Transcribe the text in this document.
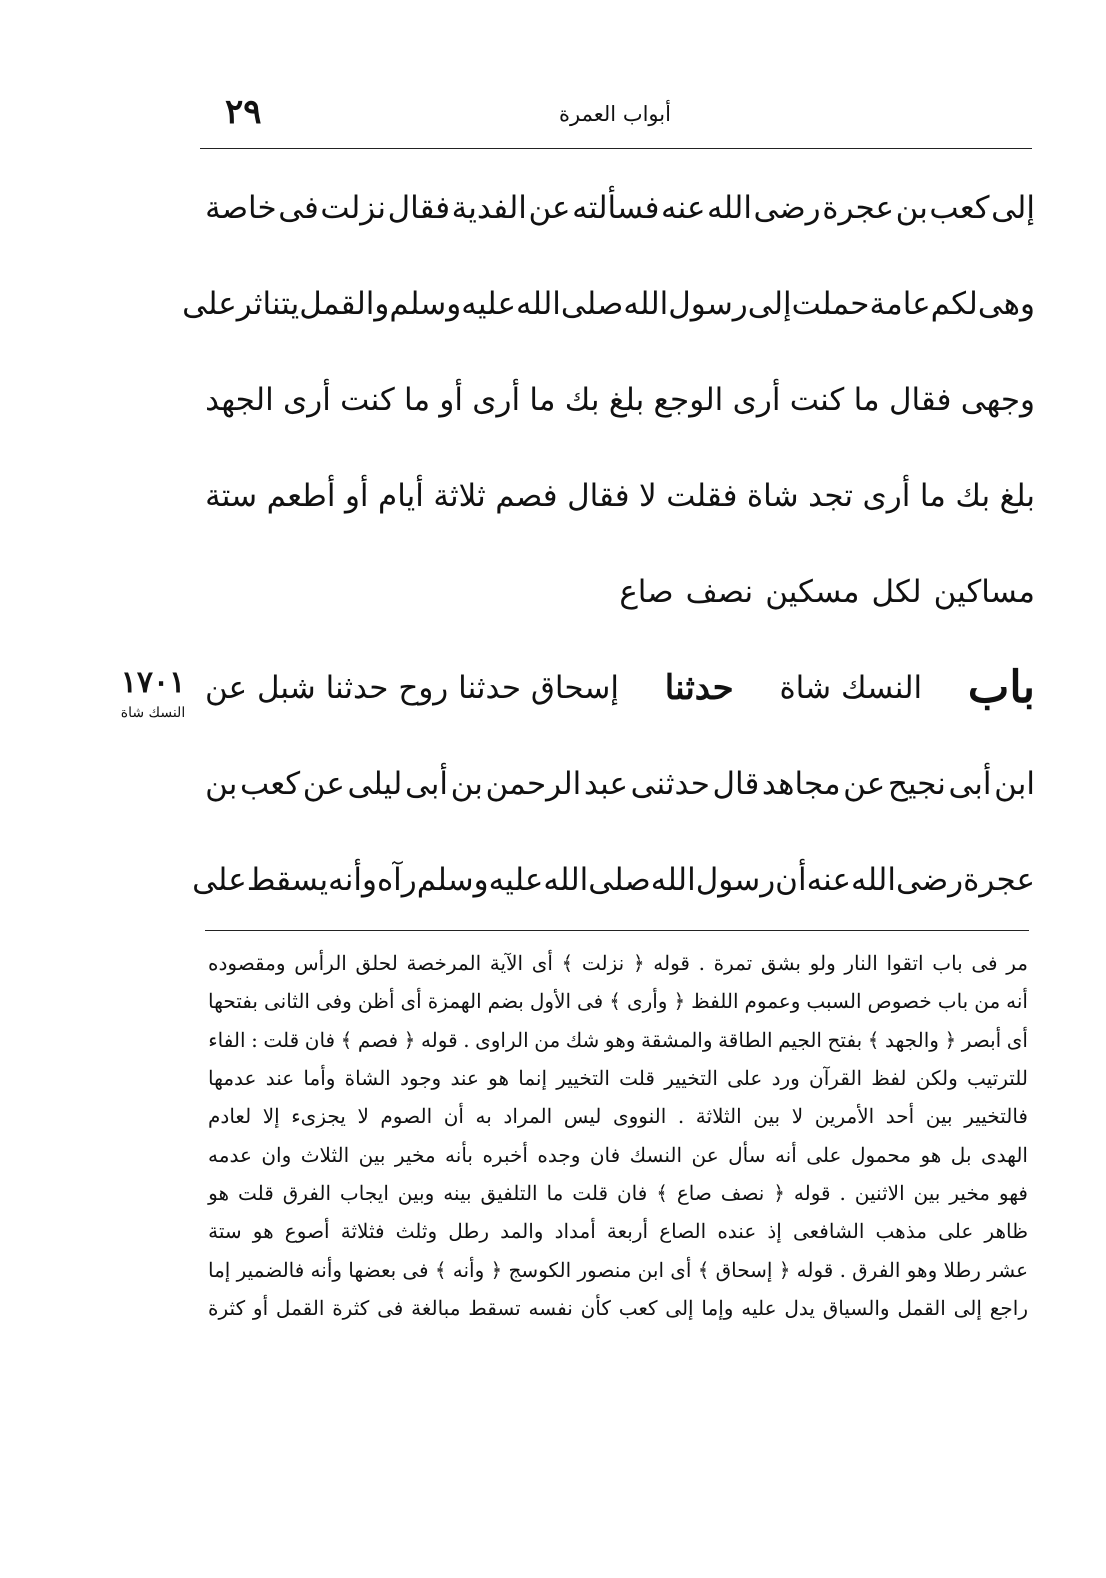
٢٩	أبواب العمرة
إلى
كعب
بن
عجرة
رضى
الله
عنه
فسألته
عن
الفدية
فقال
نزلت
فى
خاصة
وهى
لكم
عامة
حملت
إلى
رسول
الله
صلى
الله
عليه
وسلم
والقمل
يتناثر
على
وجهى
فقال
ما
كنت
أرى
الوجع
بلغ
بك
ما
أرى
أو
ما
كنت
أرى
الجهد
بلغ
بك
ما
أرى
تجد
شاة
فقلت
لا
فقال
فصم
ثلاثة
أيام
أو
أطعم
ستة
مساكين
لكل
مسكين
نصف
صاع
باب
النسك شاة
حدثنا
إسحاق حدثنا روح حدثنا شبل عن
ابن
أبى
نجيح
عن
مجاهد
قال
حدثنى
عبد
الرحمن
بن
أبى
ليلى
عن
كعب
بن
عجرة
رضى
الله
عنه
أن
رسول
الله
صلى
الله
عليه
وسلم
رآه
وأنه
يسقط
على
١٧٠١
النسك شاة
مر
فى
باب
اتقوا
النار
ولو
بشق
تمرة
.
قوله
﴿
نزلت
﴾
أى
الآية
المرخصة
لحلق
الرأس
ومقصوده
أنه
من
باب
خصوص
السبب
وعموم
اللفظ
﴿
وأرى
﴾
فى
الأول
بضم
الهمزة
أى
أظن
وفى
الثانى
بفتحها
أى
أبصر
﴿
والجهد
﴾
بفتح
الجيم
الطاقة
والمشقة
وهو
شك
من
الراوى
.
قوله
﴿
فصم
﴾
فان
قلت
:
الفاء
للترتيب
ولكن
لفظ
القرآن
ورد
على
التخيير
قلت
التخيير
إنما
هو
عند
وجود
الشاة
وأما
عند
عدمها
فالتخيير
بين
أحد
الأمرين
لا
بين
الثلاثة
.
النووى
ليس
المراد
به
أن
الصوم
لا
يجزىء
إلا
لعادم
الهدى
بل
هو
محمول
على
أنه
سأل
عن
النسك
فان
وجده
أخبره
بأنه
مخير
بين
الثلاث
وان
عدمه
فهو
مخير
بين
الاثنين
.
قوله
﴿
نصف
صاع
﴾
فان
قلت
ما
التلفيق
بينه
وبين
ايجاب
الفرق
قلت
هو
ظاهر
على
مذهب
الشافعى
إذ
عنده
الصاع
أربعة
أمداد
والمد
رطل
وثلث
فثلاثة
أصوع
هو
ستة
عشر
رطلا
وهو
الفرق
.
قوله
﴿
إسحاق
﴾
أى
ابن
منصور
الكوسج
﴿
وأنه
﴾
فى
بعضها
وأنه
فالضمير
إما
راجع
إلى
القمل
والسياق
يدل
عليه
وإما
إلى
كعب
كأن
نفسه
تسقط
مبالغة
فى
كثرة
القمل
أو
كثرة
